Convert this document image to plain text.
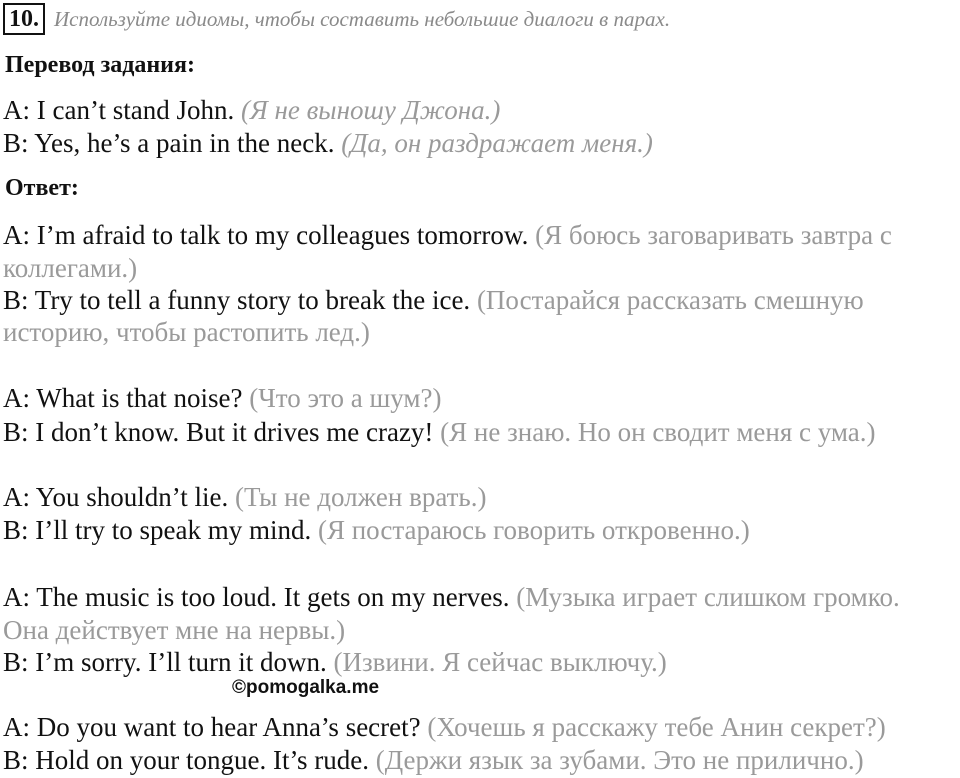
10. Используйте идиомы, чтобы составить небольшие диалоги в парах.
Перевод задания:
A: I can’t stand John. (Я не выношу Джона.)
B: Yes, he’s a pain in the neck. (Да, он раздражает меня.)
Ответ:
A: I’m afraid to talk to my colleagues tomorrow. (Я боюсь заговаривать завтра с
коллегами.)
B: Try to tell a funny story to break the ice. (Постарайся рассказать смешную
историю, чтобы растопить лед.)
A: What is that noise? (Что это а шум?)
B: I don’t know. But it drives me crazy! (Я не знаю. Но он сводит меня с ума.)
A: You shouldn’t lie. (Ты не должен врать.)
B: I’ll try to speak my mind. (Я постараюсь говорить откровенно.)
A: The music is too loud. It gets on my nerves. (Музыка играет слишком громко.
Она действует мне на нервы.)
B: I’m sorry. I’ll turn it down. (Извини. Я сейчас выключу.)
©pomogalka.me
A: Do you want to hear Anna’s secret? (Хочешь я расскажу тебе Анин секрет?)
B: Hold on your tongue. It’s rude. (Держи язык за зубами. Это не прилично.)
